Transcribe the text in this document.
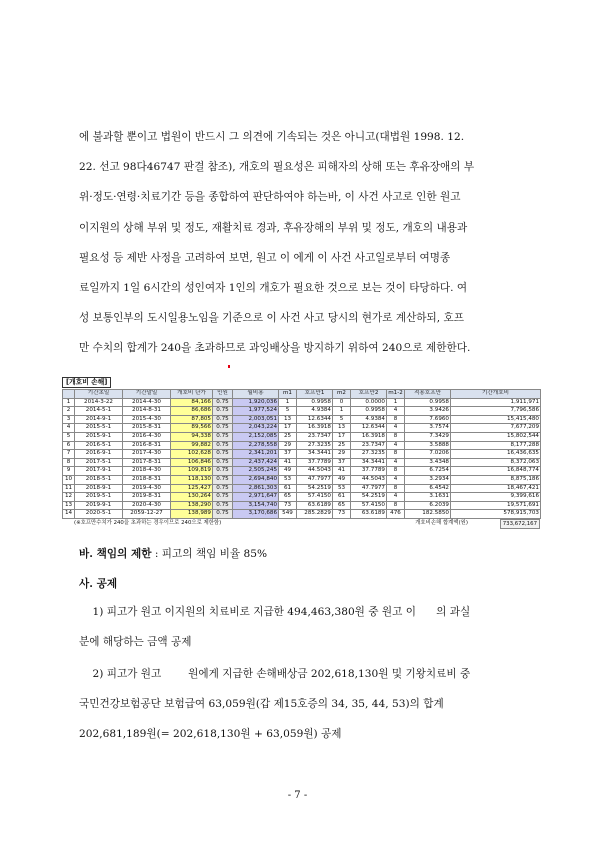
에 불과할 뿐이고 법원이 반드시 그 의견에 기속되는 것은 아니고(대법원 1998. 12.
22. 선고 98다46747 판결 참조), 개호의 필요성은 피해자의 상해 또는 후유장애의 부
위·정도·연령·치료기간 등을 종합하여 판단하여야 하는바, 이 사건 사고로 인한 원고
이지원의 상해 부위 및 정도, 재활치료 경과, 후유장해의 부위 및 정도, 개호의 내용과
필요성 등 제반 사정을 고려하여 보면, 원고 이 에게 이 사건 사고일로부터 여명종
료일까지 1일 6시간의 성인여자 1인의 개호가 필요한 것으로 보는 것이 타당하다. 여
성 보통인부의 도시일용노임을 기준으로 이 사건 사고 당시의 현가로 계산하되, 호프
만 수치의 합계가 240을 초과하므로 과잉배상을 방지하기 위하여 240으로 제한한다.
[개호비 손해]
	기간초일	기간말일	개호비 단가	인원	월비용	m1	호프만1	m2	호프만2	m1-2	적용호프만	기간개호비
1	2014-3-22	2014-4-30	84,166	0.75	1,920,036	1	0.9958	0	0.0000	1	0.9958	1,911,971
2	2014-5-1	2014-8-31	86,686	0.75	1,977,524	5	4.9384	1	0.9958	4	3.9426	7,796,586
3	2014-9-1	2015-4-30	87,805	0.75	2,003,051	13	12.6344	5	4.9384	8	7.6960	15,415,480
4	2015-5-1	2015-8-31	89,566	0.75	2,043,224	17	16.3918	13	12.6344	4	3.7574	7,677,209
5	2015-9-1	2016-4-30	94,338	0.75	2,152,085	25	23.7347	17	16.3918	8	7.3429	15,802,544
6	2016-5-1	2016-8-31	99,882	0.75	2,278,558	29	27.3235	25	23.7347	4	3.5888	8,177,288
7	2016-9-1	2017-4-30	102,628	0.75	2,341,201	37	34.3441	29	27.3235	8	7.0206	16,436,635
8	2017-5-1	2017-8-31	106,846	0.75	2,437,424	41	37.7789	37	34.3441	4	3.4348	8,372,063
9	2017-9-1	2018-4-30	109,819	0.75	2,505,245	49	44.5043	41	37.7789	8	6.7254	16,848,774
10	2018-5-1	2018-8-31	118,130	0.75	2,694,840	53	47.7977	49	44.5043	4	3.2934	8,875,186
11	2018-9-1	2019-4-30	125,427	0.75	2,861,303	61	54.2519	53	47.7977	8	6.4542	18,467,421
12	2019-5-1	2019-8-31	130,264	0.75	2,971,647	65	57.4150	61	54.2519	4	3.1631	9,399,616
13	2019-9-1	2020-4-30	138,290	0.75	3,154,740	73	63.6189	65	57.4150	8	6.2039	19,571,691
14	2020-5-1	2059-12-27	138,989	0.75	3,170,686	549	285.2829	73	63.6189	476	182.5850	578,915,703
(※호프만수치가 240을 초과하는 경우이므로 240으로 제한함)	개호비손해 합계액(원)	733,672,167
바. 책임의 제한 : 피고의 책임 비율 85%
사. 공제
1) 피고가 원고 이지원의 치료비로 지급한 494,463,380원 중 원고 이      의 과실
분에 해당하는 금액 공제
2) 피고가 원고        원에게 지급한 손해배상금 202,618,130원 및 기왕치료비 중
국민건강보험공단 보험급여 63,059원(갑 제15호증의 34, 35, 44, 53)의 합계
202,681,189원(= 202,618,130원 + 63,059원) 공제
- 7 -
